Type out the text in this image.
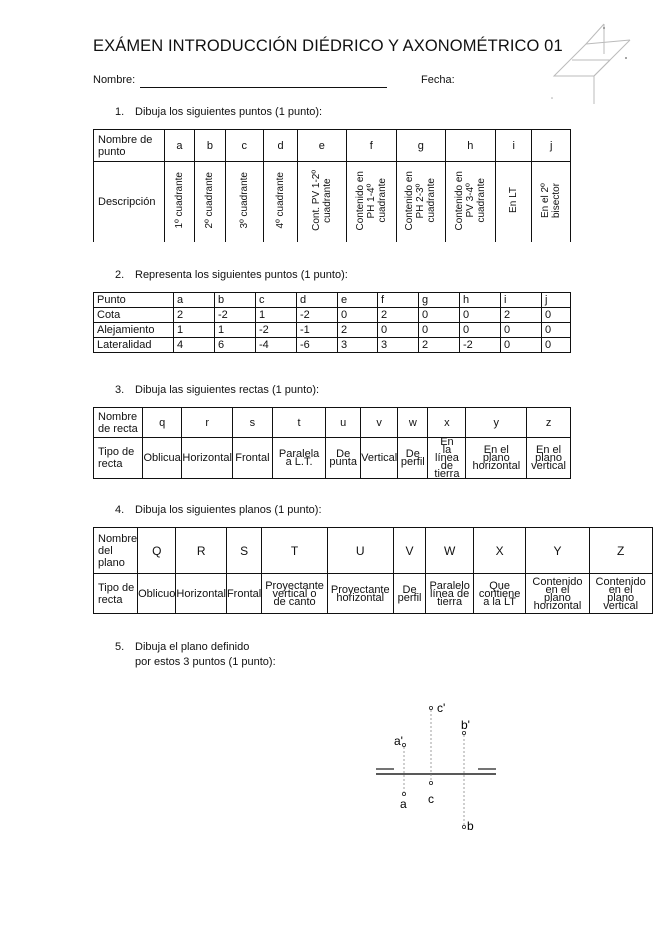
EXÁMEN INTRODUCCIÓN DIÉDRICO Y AXONOMÉTRICO 01
Nombre:	Fecha:
1. Dibuja los siguientes puntos (1 punto):
Nombre de punto	a	b	c	d	e	f	g	h	i	j
Descripción	1º cuadrante	2º cuadrante	3º cuadrante	4º cuadrante	Cont. PV 1-2º
cuadrante	Contenido en
PH 1-4º
cuadrante	Contenido en
PH 2-3º
cuadrante	Contenido en
PV 3-4º
cuadrante	En LT	En el 2º
bisector
2. Representa los siguientes puntos (1 punto):
Punto	a	b	c	d	e	f	g	h	i	j
Cota	2	-2	1	-2	0	2	0	0	2	0
Alejamiento	1	1	-2	-1	2	0	0	0	0	0
Lateralidad	4	6	-4	-6	3	3	2	-2	0	0
3. Dibuja las siguientes rectas (1 punto):
Nombre de recta	q	r	s	t	u	v	w	x	y	z
Tipo de recta	Oblicua	Horizontal	Frontal	Paralela a L.T.	De punta	Vertical	De perfil	En la línea de tierra	En el plano horizontal	En el plano vertical
4. Dibuja los siguientes planos (1 punto):
Nombre del plano	Q	R	S	T	U	V	W	X	Y	Z
Tipo de recta	Oblicuo	Horizontal	Frontal	Proyectante vertical o de canto	Proyectante horizontal	De perfil	Paralelo línea de tierra	Que contiene a la LT	Contenido en el plano horizontal	Contenido en el plano vertical
5. Dibuja el plano definido
por estos 3 puntos (1 punto):
c'
b'
a'
a c
b
